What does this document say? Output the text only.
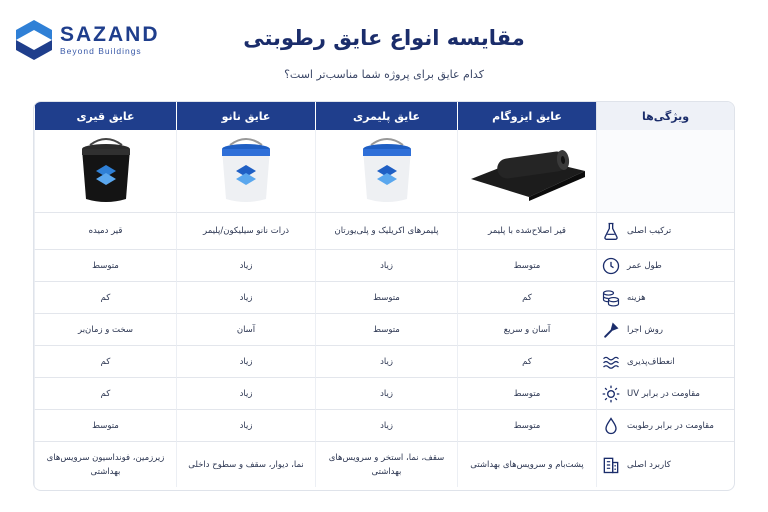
SAZAND
Beyond Buildings
مقایسه انواع عایق رطوبتی
کدام عایق برای پروژه شما مناسب‌تر است؟
عایق قیری
قیر دمیده
متوسط
کم
سخت و زمان‌بر
کم
کم
متوسط
زیرزمین، فونداسیون سرویس‌های بهداشتی
عایق نانو
ذرات نانو سیلیکون/پلیمر
زیاد
زیاد
آسان
زیاد
زیاد
زیاد
نما، دیوار، سقف و سطوح داخلی
عایق پلیمری
پلیمرهای اکریلیک و پلی‌یورتان
زیاد
متوسط
متوسط
زیاد
زیاد
زیاد
سقف، نما، استخر و سرویس‌های بهداشتی
عایق ایزوگام
قیر اصلاح‌شده با پلیمر
متوسط
کم
آسان و سریع
کم
متوسط
متوسط
پشت‌بام و سرویس‌های بهداشتی
ویژگی‌ها
ترکیب اصلی
طول عمر
هزینه
روش اجرا
انعطاف‌پذیری
مقاومت در برابر UV
مقاومت در برابر رطوبت
کاربرد اصلی
